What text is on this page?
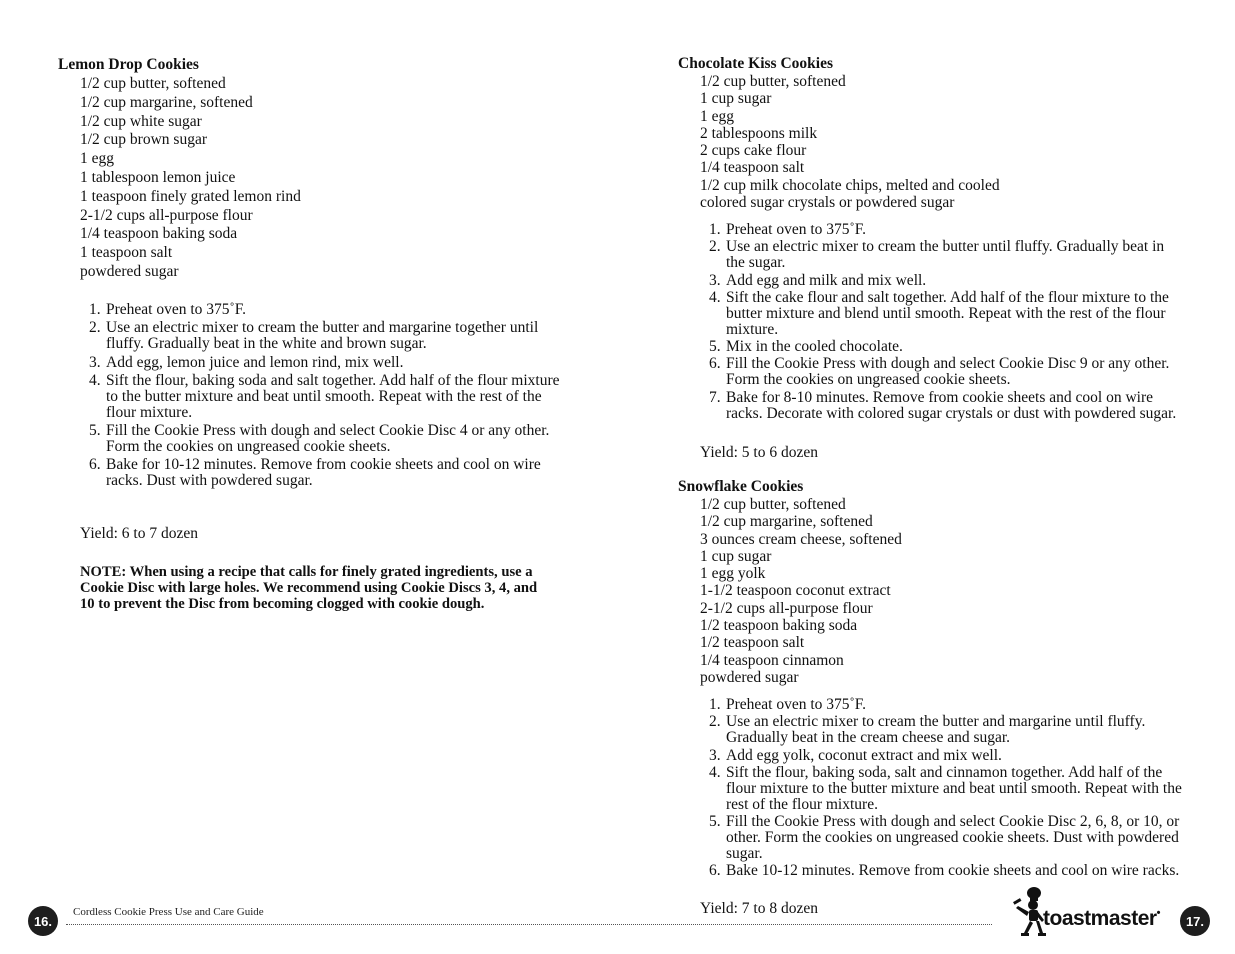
Lemon Drop Cookies
1/2 cup butter, softened
1/2 cup margarine, softened
1/2 cup white sugar
1/2 cup brown sugar
1 egg
1 tablespoon lemon juice
1 teaspoon finely grated lemon rind
2-1/2 cups all-purpose flour
1/4 teaspoon baking soda
1 teaspoon salt
powdered sugar
1. Preheat oven to 375˚F.
2. Use an electric mixer to cream the butter and margarine together until fluffy. Gradually beat in the white and brown sugar.
3. Add egg, lemon juice and lemon rind, mix well.
4. Sift the flour, baking soda and salt together. Add half of the flour mixture to the butter mixture and beat until smooth. Repeat with the rest of the flour mixture.
5. Fill the Cookie Press with dough and select Cookie Disc 4 or any other. Form the cookies on ungreased cookie sheets.
6. Bake for 10-12 minutes. Remove from cookie sheets and cool on wire racks. Dust with powdered sugar.

Yield: 6 to 7 dozen

NOTE: When using a recipe that calls for finely grated ingredients, use a Cookie Disc with large holes. We recommend using Cookie Discs 3, 4, and 10 to prevent the Disc from becoming clogged with cookie dough.

Chocolate Kiss Cookies
1/2 cup butter, softened
1 cup sugar
1 egg
2 tablespoons milk
2 cups cake flour
1/4 teaspoon salt
1/2 cup milk chocolate chips, melted and cooled
colored sugar crystals or powdered sugar
1. Preheat oven to 375˚F.
2. Use an electric mixer to cream the butter until fluffy. Gradually beat in the sugar.
3. Add egg and milk and mix well.
4. Sift the cake flour and salt together. Add half of the flour mixture to the butter mixture and blend until smooth. Repeat with the rest of the flour mixture.
5. Mix in the cooled chocolate.
6. Fill the Cookie Press with dough and select Cookie Disc 9 or any other. Form the cookies on ungreased cookie sheets.
7. Bake for 8-10 minutes. Remove from cookie sheets and cool on wire racks. Decorate with colored sugar crystals or dust with powdered sugar.

Yield: 5 to 6 dozen

Snowflake Cookies
1/2 cup butter, softened
1/2 cup margarine, softened
3 ounces cream cheese, softened
1 cup sugar
1 egg yolk
1-1/2 teaspoon coconut extract
2-1/2 cups all-purpose flour
1/2 teaspoon baking soda
1/2 teaspoon salt
1/4 teaspoon cinnamon
powdered sugar
1. Preheat oven to 375˚F.
2. Use an electric mixer to cream the butter and margarine until fluffy. Gradually beat in the cream cheese and sugar.
3. Add egg yolk, coconut extract and mix well.
4. Sift the flour, baking soda, salt and cinnamon together. Add half of the flour mixture to the butter mixture and beat until smooth. Repeat with the rest of the flour mixture.
5. Fill the Cookie Press with dough and select Cookie Disc 2, 6, 8, or 10, or other. Form the cookies on ungreased cookie sheets. Dust with powdered sugar.
6. Bake 10-12 minutes. Remove from cookie sheets and cool on wire racks.

Yield: 7 to 8 dozen

16.
Cordless Cookie Press Use and Care Guide	toastmaster•
17.
